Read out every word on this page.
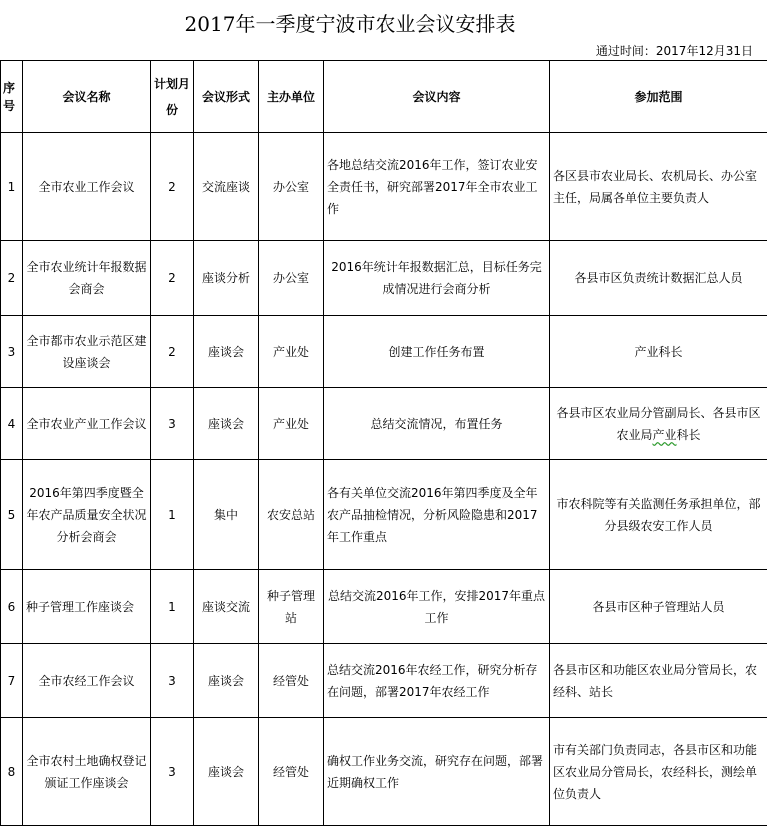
2017年一季度宁波市农业会议安排表
通过时间：2017年12月31日
序号	会议名称	计划月份	会议形式	主办单位	会议内容	参加范围
1	全市农业工作会议	2	交流座谈	办公室	各地总结交流2016年工作，签订农业安全责任书，研究部署2017年全市农业工作	各区县市农业局长、农机局长、办公室主任，局属各单位主要负责人
2	全市农业统计年报数据会商会	2	座谈分析	办公室	2016年统计年报数据汇总，目标任务完成情况进行会商分析	各县市区负责统计数据汇总人员
3	全市都市农业示范区建设座谈会	2	座谈会	产业处	创建工作任务布置	产业科长
4	全市农业产业工作会议	3	座谈会	产业处	总结交流情况，布置任务	各县市区农业局分管副局长、各县市区农业局产业科长
5	2016年第四季度暨全年农产品质量安全状况分析会商会	1	集中	农安总站	各有关单位交流2016年第四季度及全年农产品抽检情况，分析风险隐患和2017年工作重点	市农科院等有关监测任务承担单位，部分县级农安工作人员
6	种子管理工作座谈会	1	座谈交流	种子管理站	总结交流2016年工作，安排2017年重点工作	各县市区种子管理站人员
7	全市农经工作会议	3	座谈会	经管处	总结交流2016年农经工作，研究分析存在问题，部署2017年农经工作	各县市区和功能区农业局分管局长，农经科、站长
8	全市农村土地确权登记颁证工作座谈会	3	座谈会	经管处	确权工作业务交流，研究存在问题，部署近期确权工作	市有关部门负责同志，各县市区和功能区农业局分管局长，农经科长，测绘单位负责人
